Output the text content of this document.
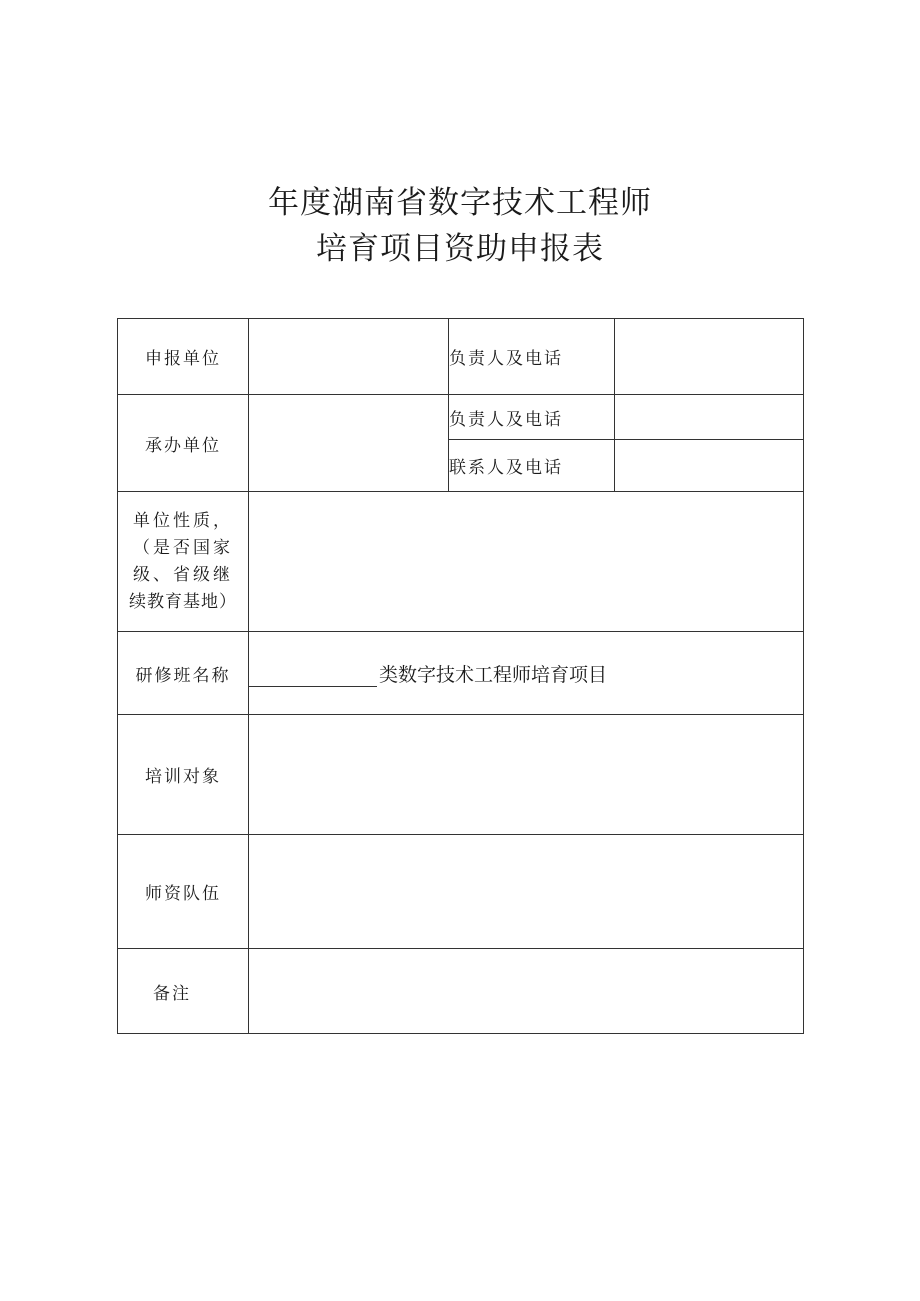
年度湖南省数字技术工程师
培育项目资助申报表
申报单位		负责人及电话	
承办单位		负责人及电话	
		联系人及电话	

单位性质，
（是否国家
级、省级继
续教育基地）			

研修班名称	类数字技术工程师培育项目		

培训对象			
师资队伍			
备注			
